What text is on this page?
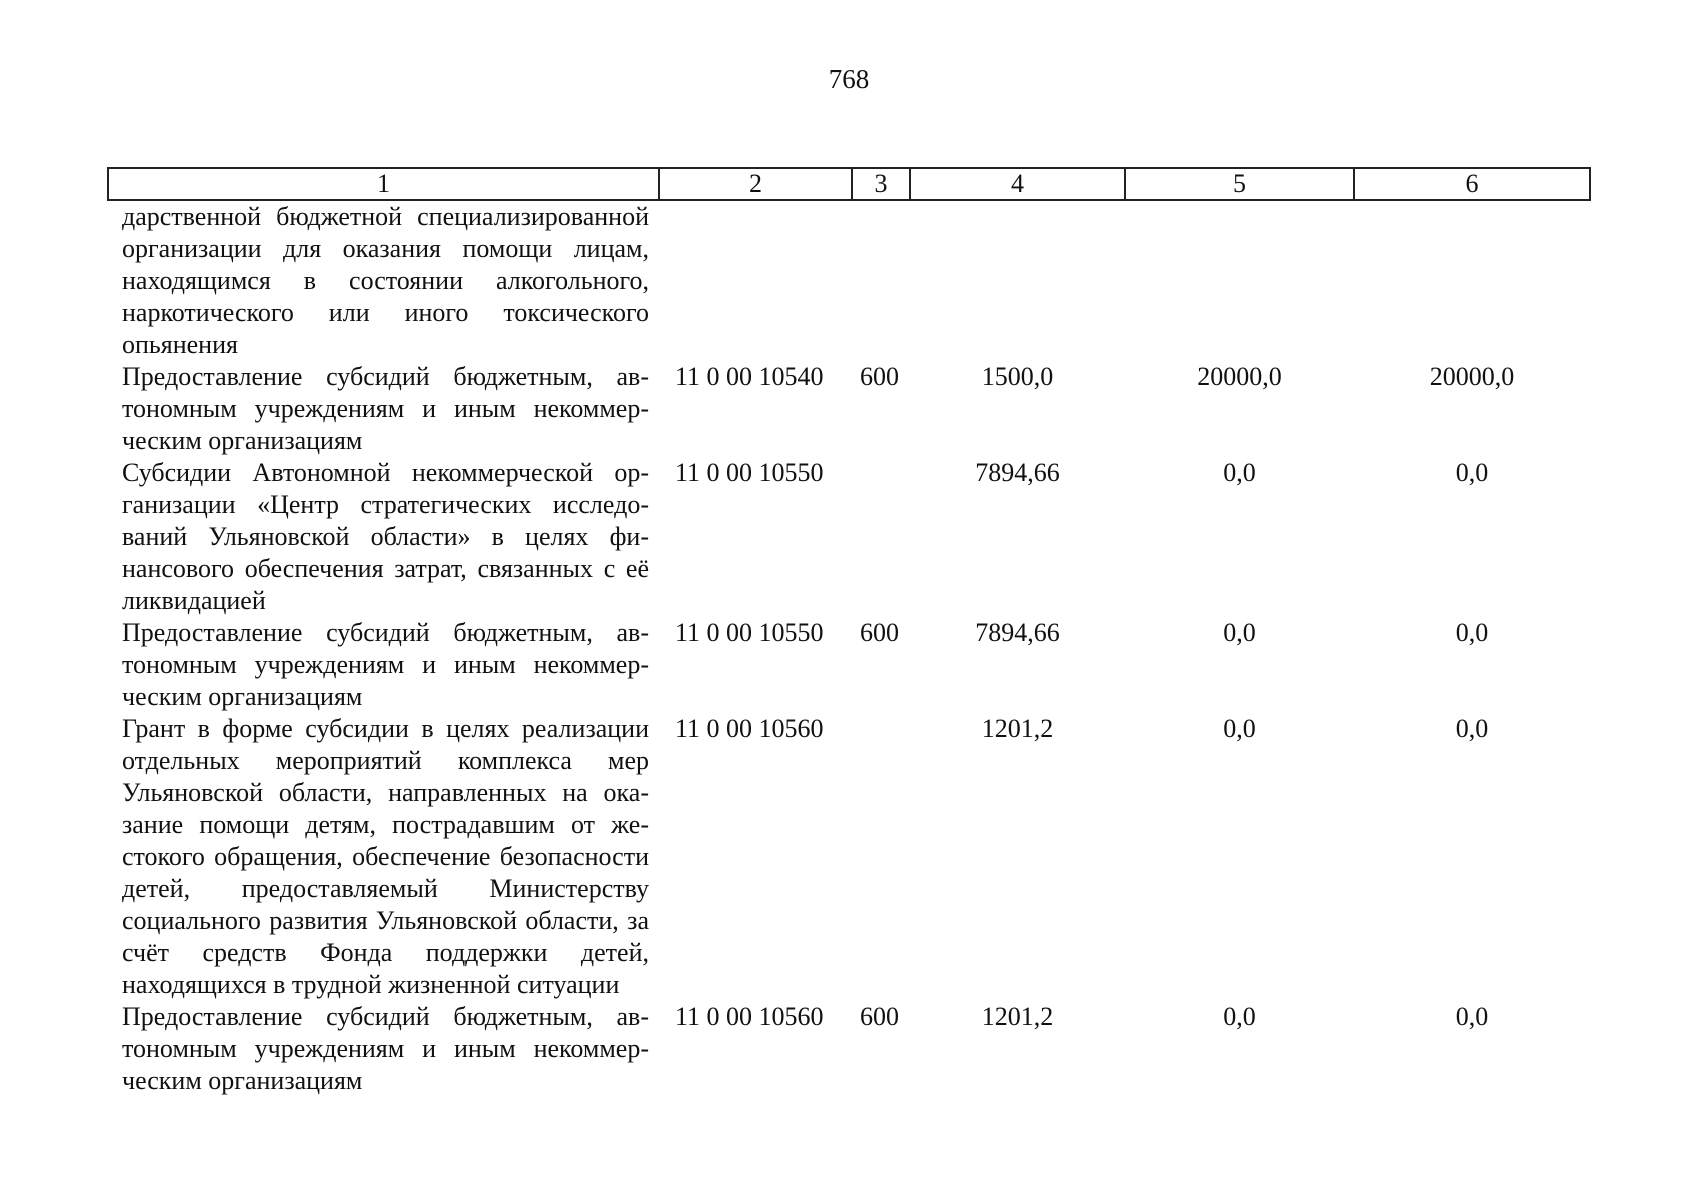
768
1	2	3	4	5	6
дарственной бюджетной специализированной организации для оказания помощи лицам, находящимся в состоянии алкогольного, наркотического или иного токсического опьянения					
Предоставление субсидий бюджетным, автономным учреждениям и иным некоммерческим организациям	11 0 00 10540	600	1500,0	20000,0	20000,0
Субсидии Автономной некоммерческой организации «Центр стратегических исследований Ульяновской области» в целях финансового обеспечения затрат, связанных с её ликвидацией	11 0 00 10550		7894,66	0,0	0,0
Предоставление субсидий бюджетным, автономным учреждениям и иным некоммерческим организациям	11 0 00 10550	600	7894,66	0,0	0,0
Грант в форме субсидии в целях реализации отдельных мероприятий комплекса мер Ульяновской области, направленных на оказание помощи детям, пострадавшим от жестокого обращения, обеспечение безопасности детей, предоставляемый Министерству социального развития Ульяновской области, за счёт средств Фонда поддержки детей, находящихся в трудной жизненной ситуации	11 0 00 10560		1201,2	0,0	0,0
Предоставление субсидий бюджетным, автономным учреждениям и иным некоммерческим организациям	11 0 00 10560	600	1201,2	0,0	0,0
